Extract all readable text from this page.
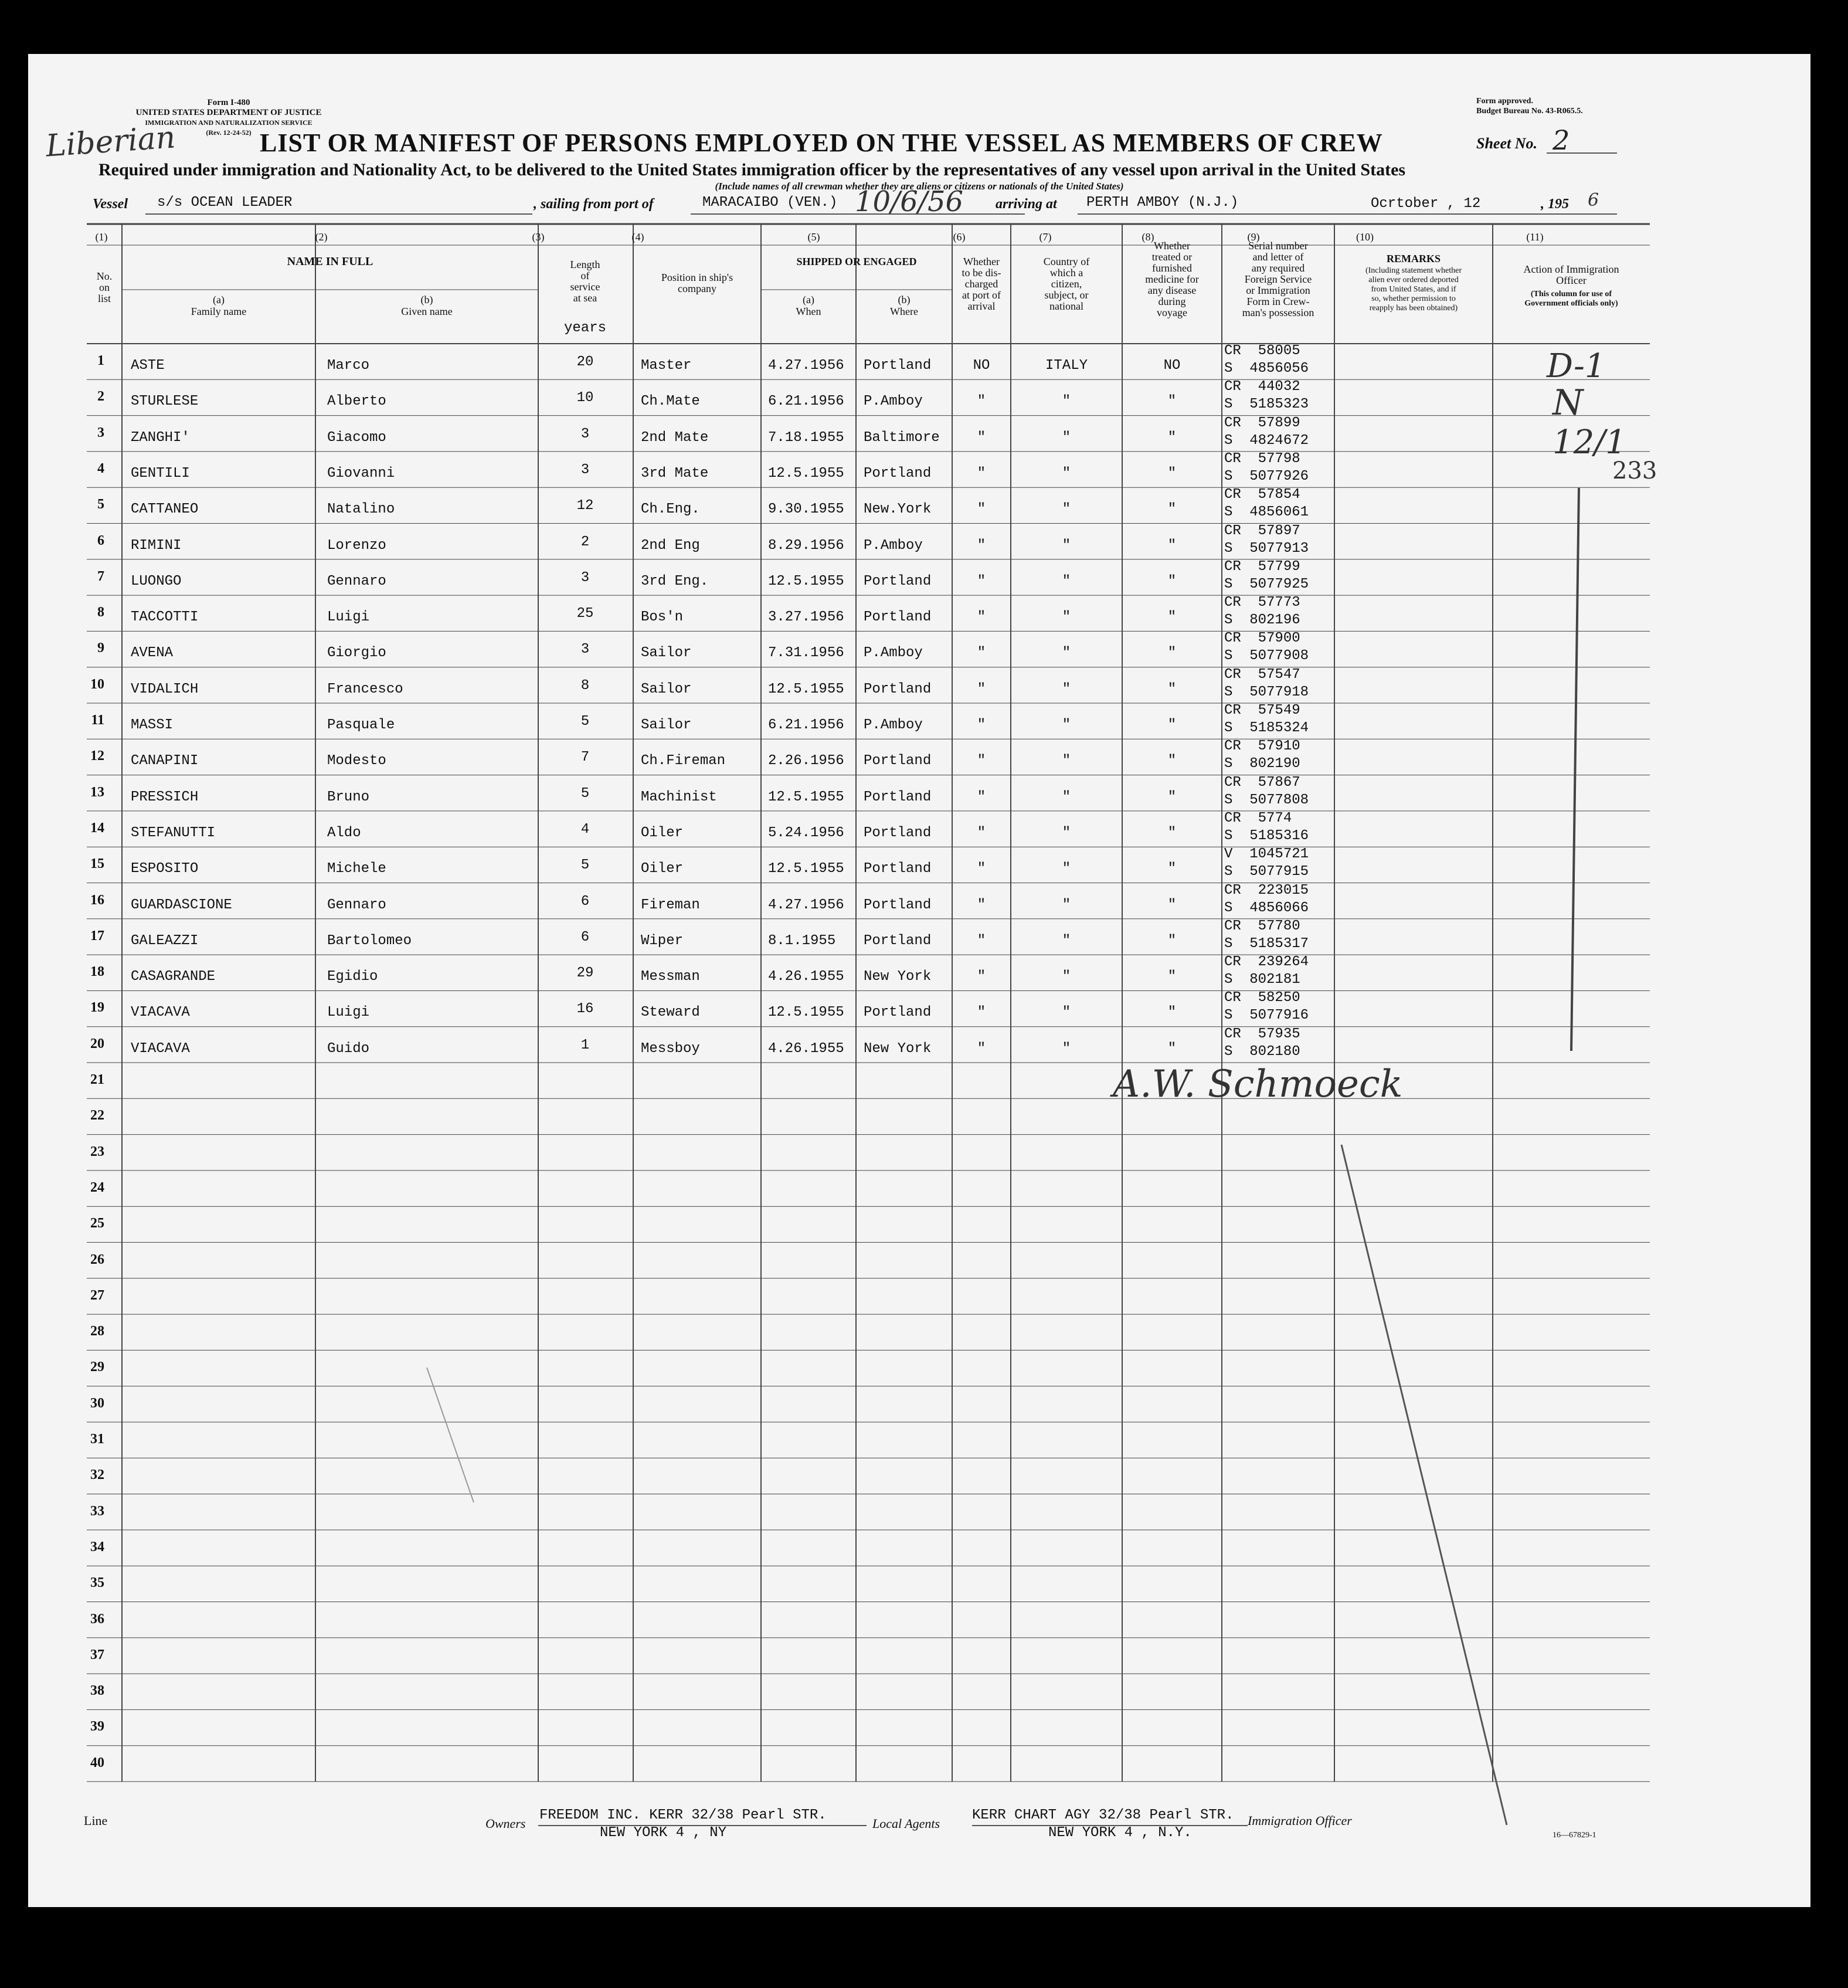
Liberian
Form I-480
UNITED STATES DEPARTMENT OF JUSTICE
IMMIGRATION AND NATURALIZATION SERVICE
(Rev. 12-24-52)
Form approved.
Budget Bureau No. 43-R065.5.
Sheet No. 2
LIST OR MANIFEST OF PERSONS EMPLOYED ON THE VESSEL AS MEMBERS OF CREW
Required under immigration and Nationality Act, to be delivered to the United States immigration officer by the representatives of any vessel upon arrival in the United States
(Include names of all crewman whether they are aliens or citizens or nationals of the United States)
Vessel s/s OCEAN LEADER	, sailing from port of	MARACAIBO (VEN.) 10/6/56 arriving at PERTH AMBOY (N.J.)	Ocrtober , 12	, 195 6
(1)	(2)	(3)	(4)	(5)	(6)	(7)	(8)	(9)	(10)	(11)
No.
on
list
NAME IN FULL
(a)
Family name
(b)
Given name
Length
of
service
at sea
years
Position in ship's
company
SHIPPED OR ENGAGED
(a)
When
(b)
Where
Whether
to be dis-
charged
at port of
arrival
Country of
which a
citizen,
subject, or
national
Whether
treated or
furnished
medicine for
any disease
during
voyage
Serial number
and letter of
any required
Foreign Service
or Immigration
Form in Crew-
man's possession
REMARKS
(Including statement whether
alien ever ordered deported
from United States, and if
so, whether permission to
reapply has been obtained)
Action of Immigration
Officer
(This column for use of
Government officials only)
1 ASTE	Marco	20	Master	4.27.1956 Portland	NO	ITALY	NO
CR  58005
S  4856056
2 STURLESE	Alberto	10	Ch.Mate	6.21.1956 P.Amboy	"	"	"
CR  44032
S  5185323
3 ZANGHI'	Giacomo	3	2nd Mate	7.18.1955 Baltimore	"	"	"
CR  57899
S  4824672
4 GENTILI	Giovanni	3	3rd Mate	12.5.1955 Portland	"	"	"
CR  57798
S  5077926
5 CATTANEO	Natalino	12	Ch.Eng.	9.30.1955 New.York	"	"	"
CR  57854
S  4856061
6 RIMINI	Lorenzo	2	2nd Eng	8.29.1956 P.Amboy	"	"	"
CR  57897
S  5077913
7 LUONGO	Gennaro	3	3rd Eng.	12.5.1955 Portland	"	"	"
CR  57799
S  5077925
8 TACCOTTI	Luigi	25	Bos'n	3.27.1956 Portland	"	"	"
CR  57773
S  802196
9 AVENA	Giorgio	3	Sailor	7.31.1956 P.Amboy	"	"	"
CR  57900
S  5077908
10 VIDALICH	Francesco	8	Sailor	12.5.1955 Portland	"	"	"
CR  57547
S  5077918
11 MASSI	Pasquale	5	Sailor	6.21.1956 P.Amboy	"	"	"
CR  57549
S  5185324
12 CANAPINI	Modesto	7	Ch.Fireman	2.26.1956 Portland	"	"	"
CR  57910
S  802190
13 PRESSICH	Bruno	5	Machinist	12.5.1955 Portland	"	"	"
CR  57867
S  5077808
14 STEFANUTTI	Aldo	4	Oiler	5.24.1956 Portland	"	"	"
CR  5774
S  5185316
15 ESPOSITO	Michele	5	Oiler	12.5.1955 Portland	"	"	"
V  1045721
S  5077915
16 GUARDASCIONE	Gennaro	6	Fireman	4.27.1956 Portland	"	"	"
CR  223015
S  4856066
17 GALEAZZI	Bartolomeo	6	Wiper	8.1.1955 Portland	"	"	"
CR  57780
S  5185317
18 CASAGRANDE	Egidio	29	Messman	4.26.1955 New York	"	"	"
CR  239264
S  802181
19 VIACAVA	Luigi	16	Steward	12.5.1955 Portland	"	"	"
CR  58250
S  5077916
20 VIACAVA	Guido	1	Messboy	4.26.1955 New York	"	"	"
CR  57935
S  802180
21
22
23
24
25
26
27
28
29
30
31
32
33
34
35
36
37
38
39
40
D-1
N
12/1
233
A.W. Schmoeck
Line	Owners
FREEDOM INC. KERR 32/38 Pearl STR.
NEW YORK 4 , NY
Local Agents
KERR CHART AGY 32/38 Pearl STR.
NEW YORK 4 , N.Y.
Immigration Officer
16—67829-1
